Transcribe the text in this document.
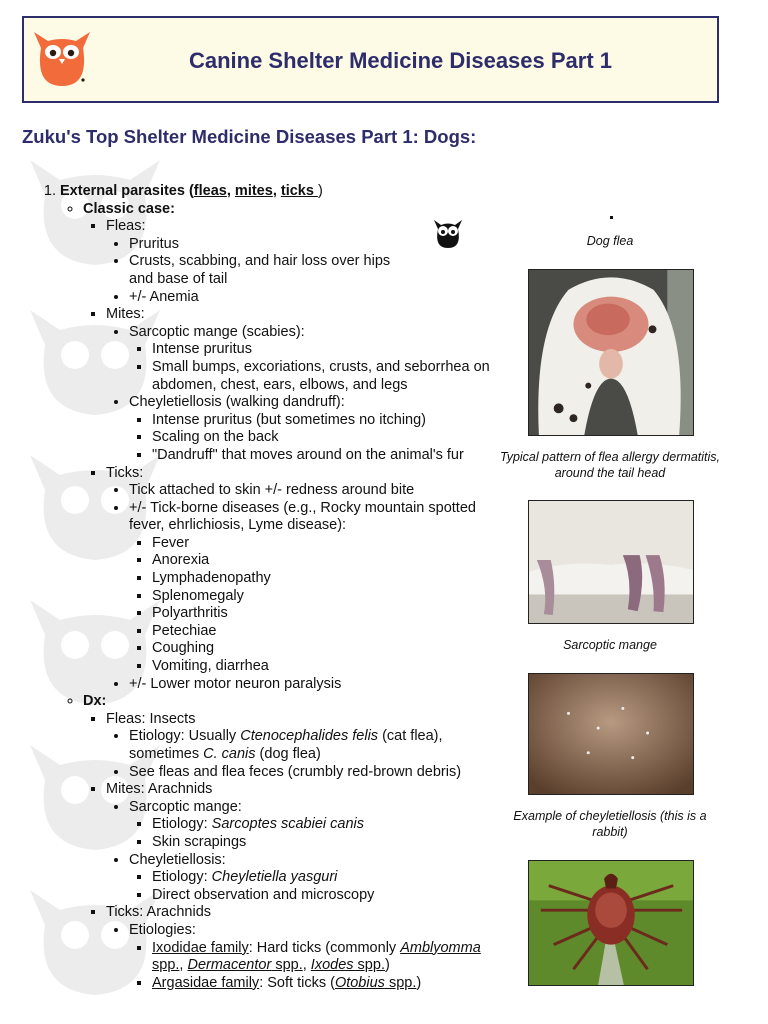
Canine Shelter Medicine Diseases Part 1
Zuku's Top Shelter Medicine Diseases Part 1: Dogs:
1. External parasites (fleas, mites, ticks )
◦ Classic case:
▪ Fleas:
• Pruritus
• Crusts, scabbing, and hair loss over hips and base of tail
• +/- Anemia
▪ Mites:
• Sarcoptic mange (scabies):
▪ Intense pruritus
▪ Small bumps, excoriations, crusts, and seborrhea on abdomen, chest, ears, elbows, and legs
• Cheyletiellosis (walking dandruff):
▪ Intense pruritus (but sometimes no itching)
▪ Scaling on the back
▪ "Dandruff" that moves around on the animal's fur
▪ Ticks:
• Tick attached to skin +/- redness around bite
• +/- Tick-borne diseases (e.g., Rocky mountain spotted fever, ehrlichiosis, Lyme disease):
▪ Fever
▪ Anorexia
▪ Lymphadenopathy
▪ Splenomegaly
▪ Polyarthritis
▪ Petechiae
▪ Coughing
▪ Vomiting, diarrhea
• +/- Lower motor neuron paralysis
◦ Dx:
▪ Fleas: Insects
• Etiology: Usually Ctenocephalides felis (cat flea), sometimes C. canis (dog flea)
• See fleas and flea feces (crumbly red-brown debris)
▪ Mites: Arachnids
• Sarcoptic mange:
▪ Etiology: Sarcoptes scabiei canis
▪ Skin scrapings
• Cheyletiellosis:
▪ Etiology: Cheyletiella yasguri
▪ Direct observation and microscopy
▪ Ticks: Arachnids
• Etiologies:
▪ Ixodidae family: Hard ticks (commonly Amblyomma spp., Dermacentor spp., Ixodes spp.)
▪ Argasidae family: Soft ticks (Otobius spp.)
Dog flea
Typical pattern of flea allergy dermatitis, around the tail head
Sarcoptic mange
Example of cheyletiellosis (this is a rabbit)
